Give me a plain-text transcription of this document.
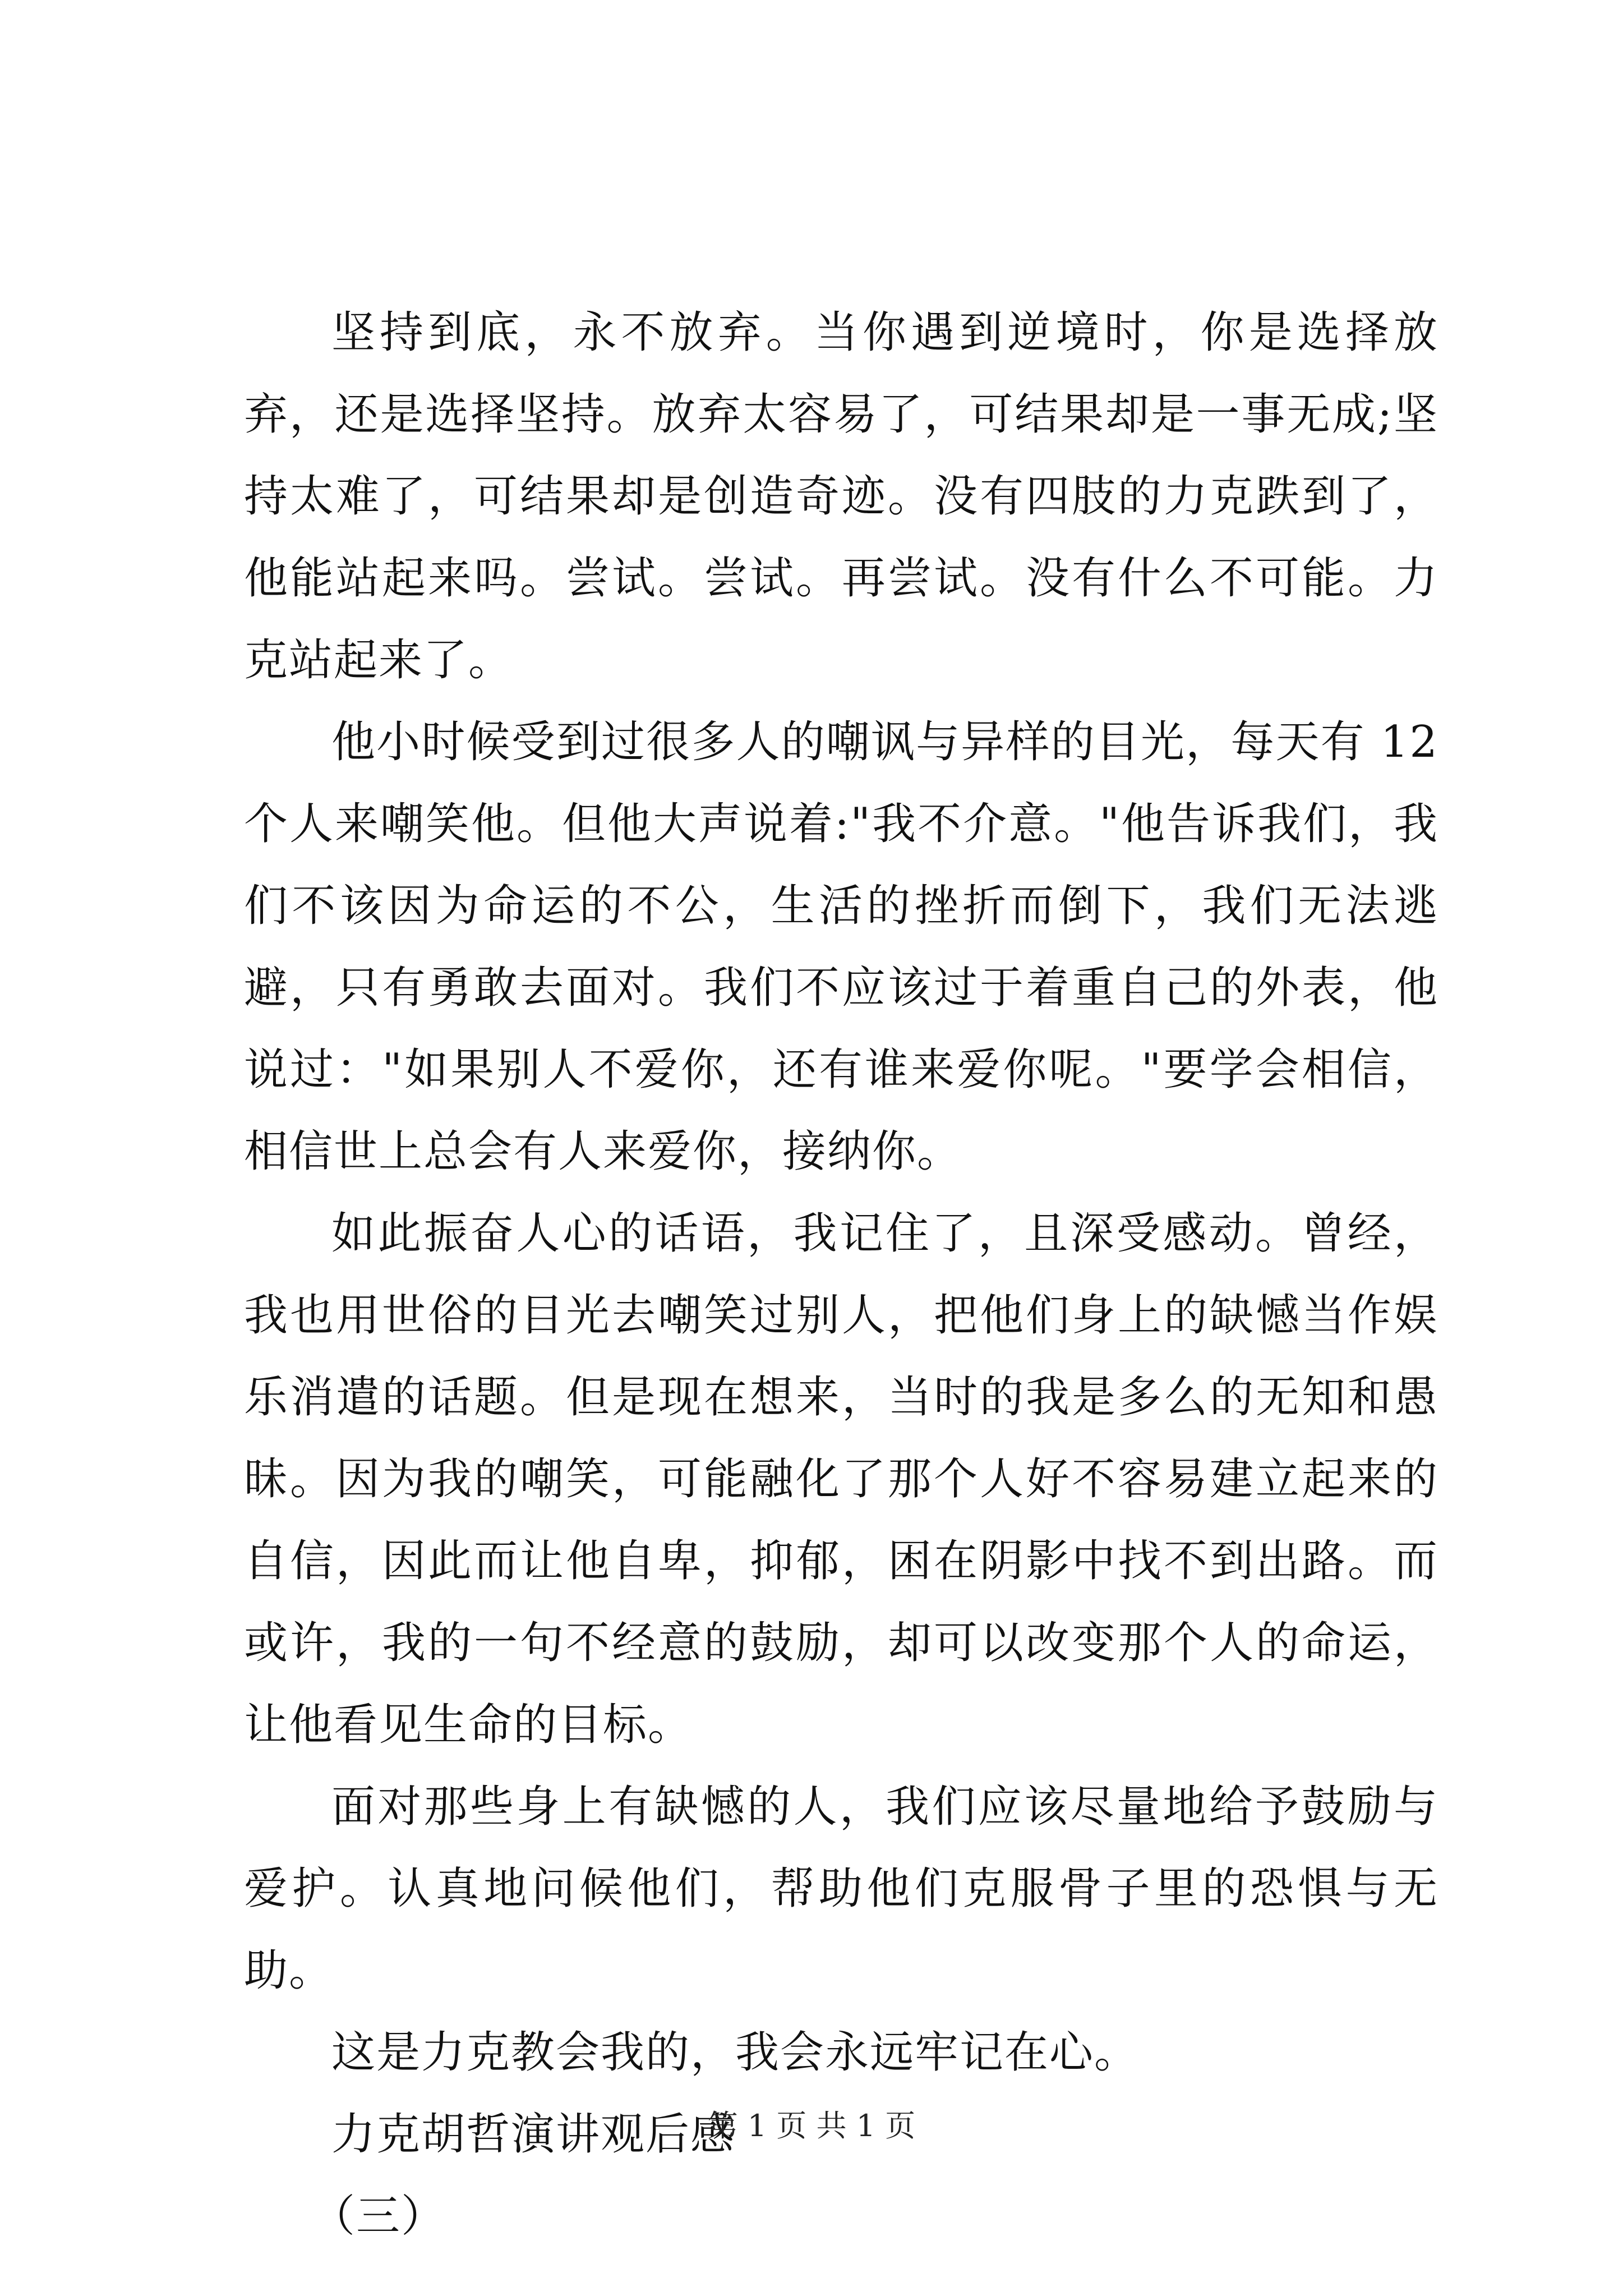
坚持到底，永不放弃。当你遇到逆境时，你是选择放弃，还是选择坚持。放弃太容易了，可结果却是一事无成;坚持太难了，可结果却是创造奇迹。没有四肢的力克跌到了，他能站起来吗。尝试。尝试。再尝试。没有什么不可能。力克站起来了。

他小时候受到过很多人的嘲讽与异样的目光，每天有 12 个人来嘲笑他。但他大声说着:"我不介意。"他告诉我们，我们不该因为命运的不公，生活的挫折而倒下，我们无法逃避，只有勇敢去面对。我们不应该过于着重自己的外表，他说过："如果别人不爱你，还有谁来爱你呢。"要学会相信，相信世上总会有人来爱你，接纳你。

如此振奋人心的话语，我记住了，且深受感动。曾经，我也用世俗的目光去嘲笑过别人，把他们身上的缺憾当作娱乐消遣的话题。但是现在想来，当时的我是多么的无知和愚昧。因为我的嘲笑，可能融化了那个人好不容易建立起来的自信，因此而让他自卑，抑郁，困在阴影中找不到出路。而或许，我的一句不经意的鼓励，却可以改变那个人的命运，让他看见生命的目标。

面对那些身上有缺憾的人，我们应该尽量地给予鼓励与爱护。认真地问候他们，帮助他们克服骨子里的恐惧与无助。

这是力克教会我的，我会永远牢记在心。

力克胡哲演讲观后感

（三）

第 1 页 共 1 页
